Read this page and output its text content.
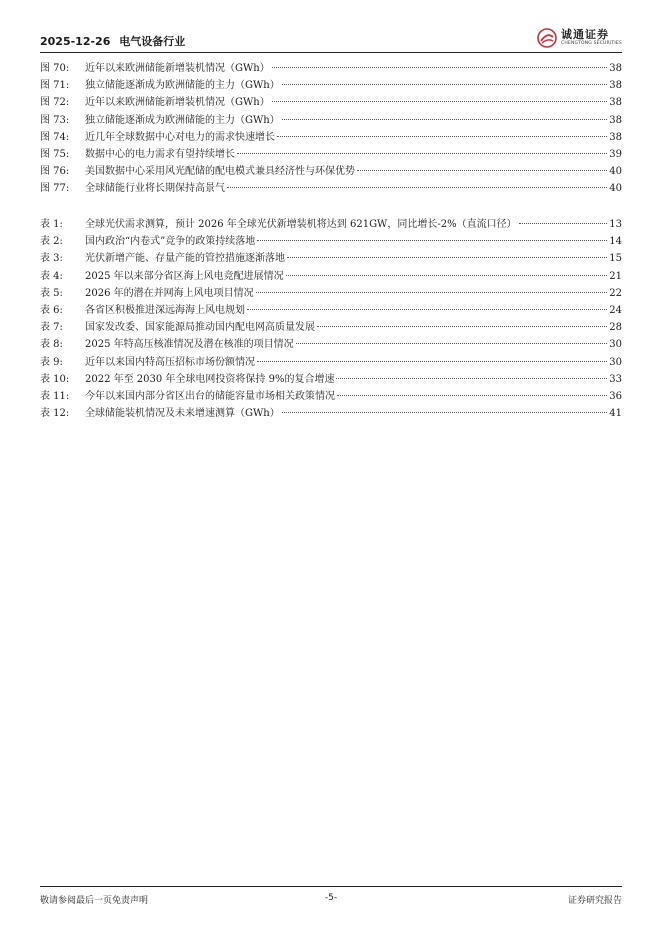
2025-12-26 电气设备行业
诚通证券
CHENGTONG SECURITIES
图 70:	近年以来欧洲储能新增装机情况（GWh）	38
图 71:	独立储能逐渐成为欧洲储能的主力（GWh）	38
图 72:	近年以来欧洲储能新增装机情况（GWh）	38
图 73:	独立储能逐渐成为欧洲储能的主力（GWh）	38
图 74:	近几年全球数据中心对电力的需求快速增长	38
图 75:	数据中心的电力需求有望持续增长	39
图 76:	美国数据中心采用风光配储的配电模式兼具经济性与环保优势	40
图 77:	全球储能行业将长期保持高景气	40
表 1:	全球光伏需求测算，预计 2026 年全球光伏新增装机将达到 621GW，同比增长-2%（直流口径）	13
表 2:	国内政治“内卷式”竞争的政策持续落地	14
表 3:	光伏新增产能、存量产能的管控措施逐渐落地	15
表 4:	2025 年以来部分省区海上风电竞配进展情况	21
表 5:	2026 年的潜在并网海上风电项目情况	22
表 6:	各省区积极推进深远海海上风电规划	24
表 7:	国家发改委、国家能源局推动国内配电网高质量发展	28
表 8:	2025 年特高压核准情况及潜在核准的项目情况	30
表 9:	近年以来国内特高压招标市场份额情况	30
表 10:	2022 年至 2030 年全球电网投资将保持 9%的复合增速	33
表 11:	今年以来国内部分省区出台的储能容量市场相关政策情况	36
表 12:	全球储能装机情况及未来增速测算（GWh）	41
敬请参阅最后一页免责声明	-5-	证券研究报告
